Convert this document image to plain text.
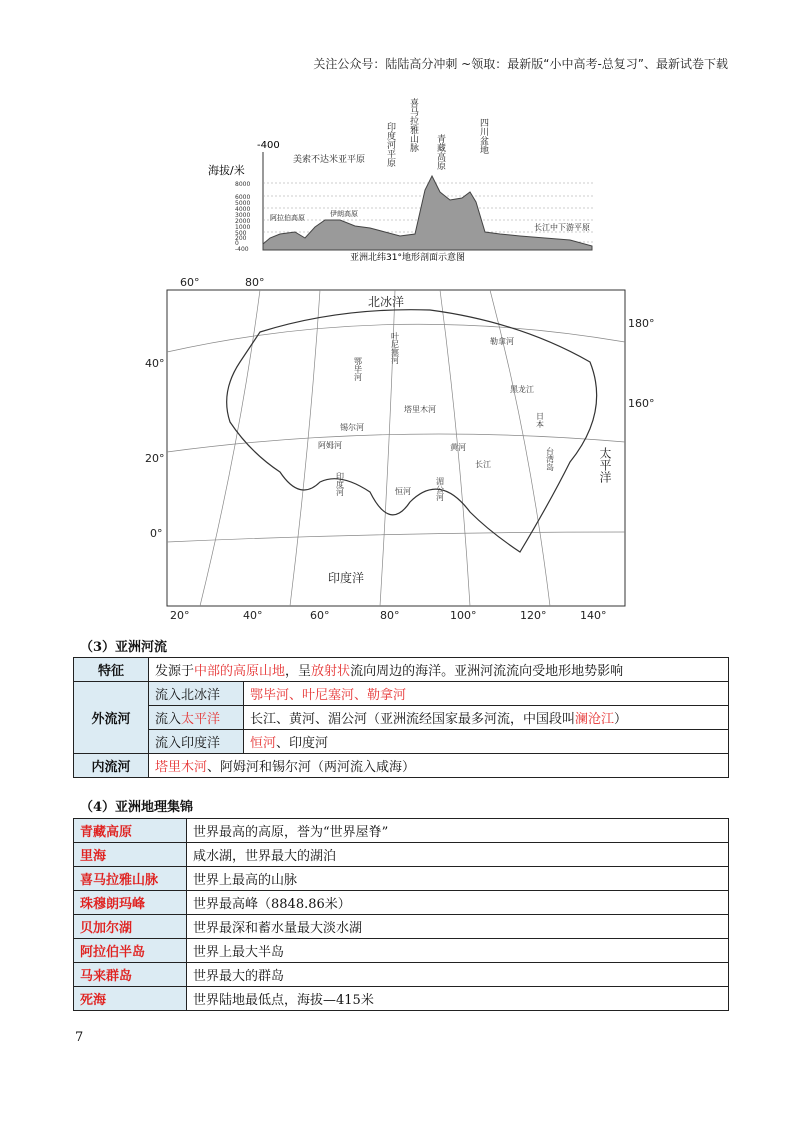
关注公众号：陆陆高分冲刺 ~领取：最新版“小中高考-总复习”、最新试卷下载
海拔/米
-400
8000
6000
5000
4000
3000
2000
1000
500
200
0
-400
美索不达米亚平原
阿拉伯高原	伊朗高原
长江中下游平原
印度河平原 喜马拉雅山脉 青藏高原	四川盆地
亚洲北纬31°地形剖面示意图
60°	80°
40°
20°
0°
20°	40°	60°	80°	100°	120°	140°
180°
160°
北冰洋
印度洋
太平洋
鄂毕河
叶尼塞河	勒拿河
黑龙江
锡尔河
阿姆河	黄河
长江
印度河	恒河	湄公河
塔里木河
台湾岛
日本
（3）亚洲河流
特征	发源于中部的高原山地，呈放射状流向周边的海洋。亚洲河流流向受地形地势影响	
外流河	流入北冰洋	鄂毕河、叶尼塞河、勒拿河
	流入太平洋	长江、黄河、湄公河（亚洲流经国家最多河流，中国段叫澜沧江）
	流入印度洋	恒河、印度河
内流河	塔里木河、阿姆河和锡尔河（两河流入咸海）	
（4）亚洲地理集锦
青藏高原	世界最高的高原，誉为“世界屋脊”
里海	咸水湖，世界最大的湖泊
喜马拉雅山脉	世界上最高的山脉
珠穆朗玛峰	世界最高峰（8848.86米）
贝加尔湖	世界最深和蓄水量最大淡水湖
阿拉伯半岛	世界上最大半岛
马来群岛	世界最大的群岛
死海	世界陆地最低点，海拔—415米
7
